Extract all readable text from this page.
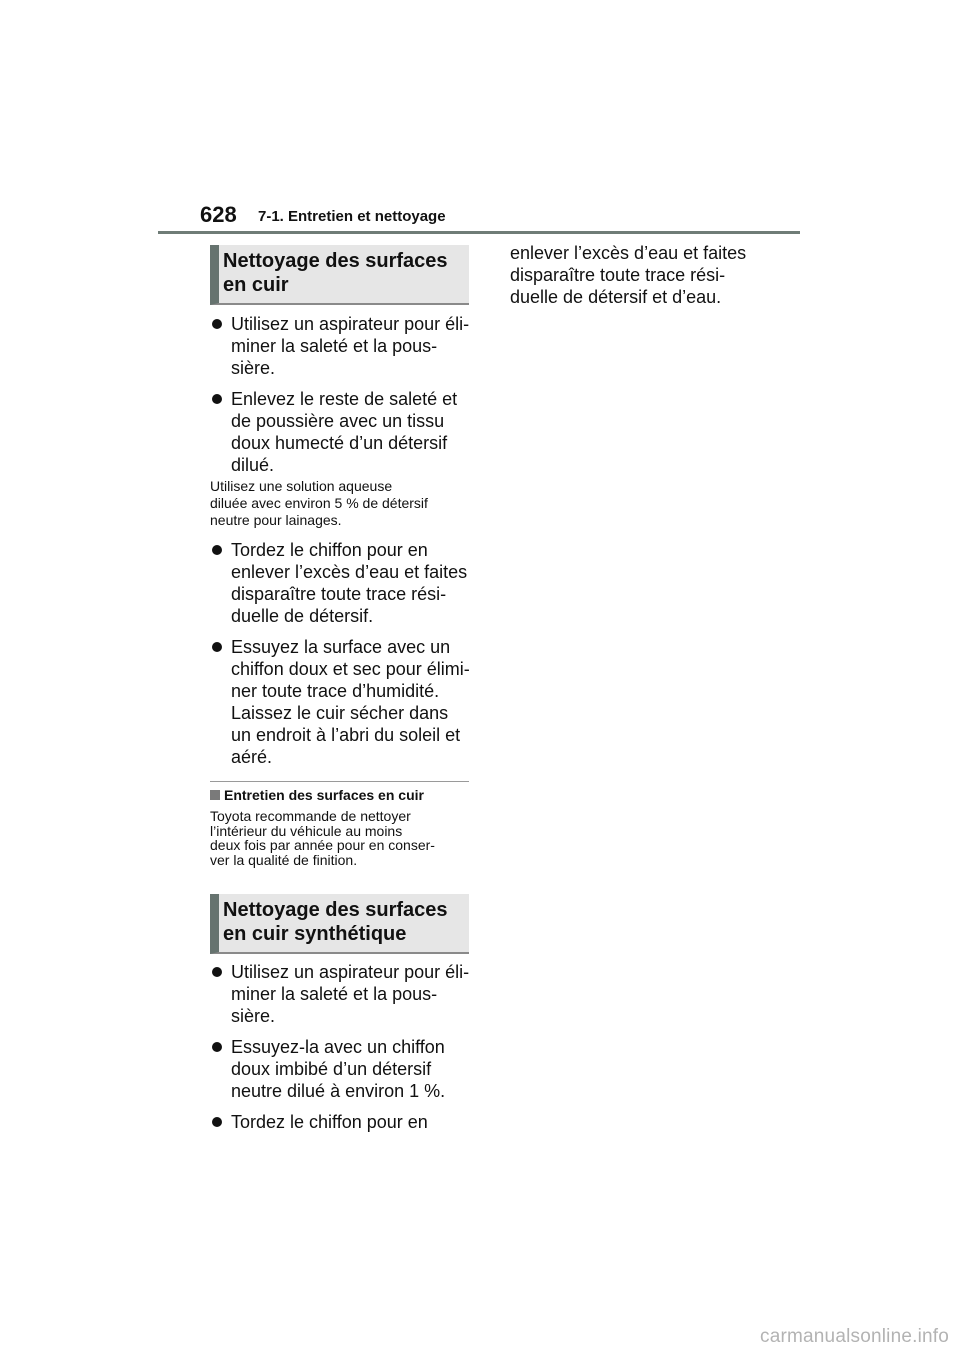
628 7-1. Entretien et nettoyage
Nettoyage des surfaces
en cuir
Utilisez un aspirateur pour éli-
miner la saleté et la pous-
sière.
Enlevez le reste de saleté et
de poussière avec un tissu
doux humecté d’un détersif
dilué.
Utilisez une solution aqueuse
diluée avec environ 5 % de détersif
neutre pour lainages.
Tordez le chiffon pour en
enlever l’excès d’eau et faites
disparaître toute trace rési-
duelle de détersif.
Essuyez la surface avec un
chiffon doux et sec pour élimi-
ner toute trace d’humidité.
Laissez le cuir sécher dans
un endroit à l’abri du soleil et
aéré.
Entretien des surfaces en cuir
Toyota recommande de nettoyer
l’intérieur du véhicule au moins
deux fois par année pour en conser-
ver la qualité de finition.
Nettoyage des surfaces
en cuir synthétique
Utilisez un aspirateur pour éli-
miner la saleté et la pous-
sière.
Essuyez-la avec un chiffon
doux imbibé d’un détersif
neutre dilué à environ 1 %.
Tordez le chiffon pour en
enlever l’excès d’eau et faites
disparaître toute trace rési-
duelle de détersif et d’eau.
carmanualsonline.info
